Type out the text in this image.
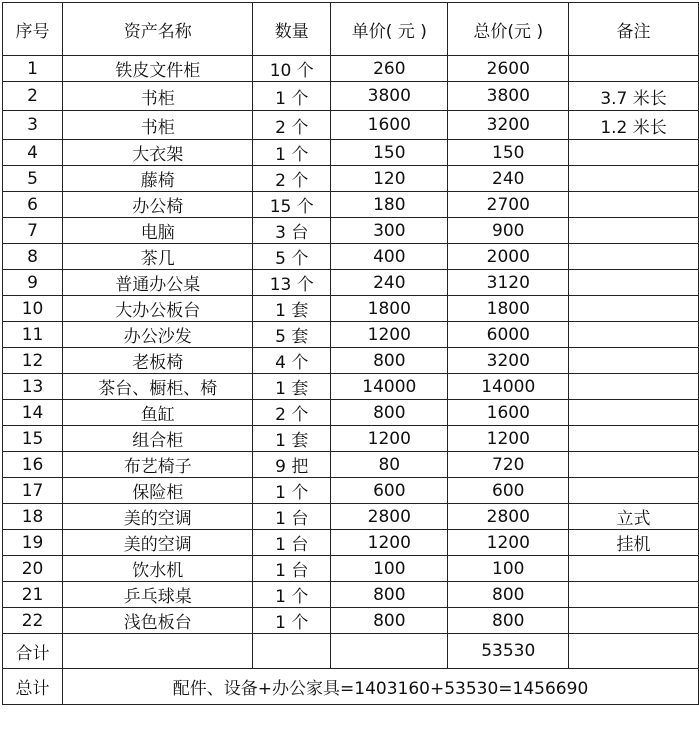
序号	资产名称	数量	单价( 元 )	总价(元 )	备注
1	铁皮文件柜	10 个	260	2600	
2	书柜	1 个	3800	3800	3.7 米长
3	书柜	2 个	1600	3200	1.2 米长
4	大衣架	1 个	150	150	
5	藤椅	2 个	120	240	
6	办公椅	15 个	180	2700	
7	电脑	3 台	300	900	
8	茶几	5 个	400	2000	
9	普通办公桌	13 个	240	3120	
10	大办公板台	1 套	1800	1800	
11	办公沙发	5 套	1200	6000	
12	老板椅	4 个	800	3200	
13	茶台、橱柜、椅	1 套	14000	14000	
14	鱼缸	2 个	800	1600	
15	组合柜	1 套	1200	1200	
16	布艺椅子	9 把	80	720	
17	保险柜	1 个	600	600	
18	美的空调	1 台	2800	2800	立式
19	美的空调	1 台	1200	1200	挂机
20	饮水机	1 台	100	100	
21	乒乓球桌	1 个	800	800	
22	浅色板台	1 个	800	800	
合计				53530	
总计	配件、设备+办公家具=1403160+53530=1456690				
